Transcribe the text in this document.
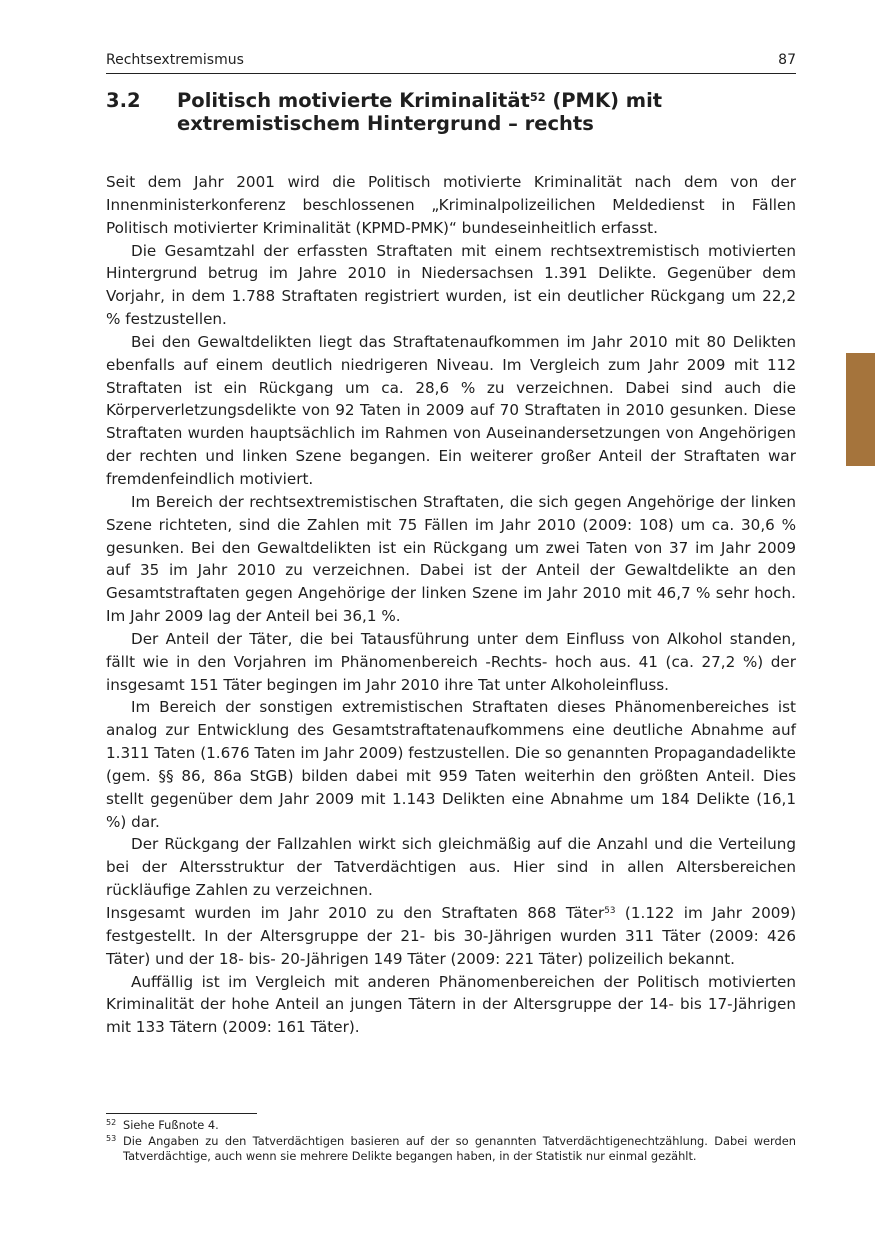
Rechtsextremismus	87
3.2 Politisch motivierte Kriminalität$^{52}$ (PMK) mit
extremistischem Hintergrund – rechts

Seit dem Jahr 2001 wird die Politisch motivierte Kriminalität nach dem von der Innenministerkonferenz beschlossenen „Kriminalpolizeilichen Meldedienst in Fällen Politisch motivierter Kriminalität (KPMD-PMK)“ bundeseinheitlich erfasst.

Die Gesamtzahl der erfassten Straftaten mit einem rechtsextremistisch motivierten Hintergrund betrug im Jahre 2010 in Niedersachsen 1.391 Delikte. Gegenüber dem Vorjahr, in dem 1.788 Straftaten registriert wurden, ist ein deutlicher Rückgang um 22,2 % festzustellen.

Bei den Gewaltdelikten liegt das Straftatenaufkommen im Jahr 2010 mit 80 Delikten ebenfalls auf einem deutlich niedrigeren Niveau. Im Vergleich zum Jahr 2009 mit 112 Straftaten ist ein Rückgang um ca. 28,6 % zu verzeichnen. Dabei sind auch die Körperverletzungsdelikte von 92 Taten in 2009 auf 70 Straftaten in 2010 gesunken. Diese Straftaten wurden hauptsächlich im Rahmen von Auseinandersetzungen von Angehörigen der rechten und linken Szene begangen. Ein weiterer großer Anteil der Straftaten war fremdenfeindlich motiviert.

Im Bereich der rechtsextremistischen Straftaten, die sich gegen Angehörige der linken Szene richteten, sind die Zahlen mit 75 Fällen im Jahr 2010 (2009: 108) um ca. 30,6 % gesunken. Bei den Gewaltdelikten ist ein Rückgang um zwei Taten von 37 im Jahr 2009 auf 35 im Jahr 2010 zu verzeichnen. Dabei ist der Anteil der Gewaltdelikte an den Gesamtstraftaten gegen Angehörige der linken Szene im Jahr 2010 mit 46,7 % sehr hoch. Im Jahr 2009 lag der Anteil bei 36,1 %.

Der Anteil der Täter, die bei Tatausführung unter dem Einfluss von Alkohol standen, fällt wie in den Vorjahren im Phänomenbereich -Rechts- hoch aus. 41 (ca. 27,2 %) der insgesamt 151 Täter begingen im Jahr 2010 ihre Tat unter Alkoholeinfluss.

Im Bereich der sonstigen extremistischen Straftaten dieses Phänomenbereiches ist analog zur Entwicklung des Gesamtstraftatenaufkommens eine deutliche Abnahme auf 1.311 Taten (1.676 Taten im Jahr 2009) festzustellen. Die so genannten Propagandadelikte (gem. §§ 86, 86a StGB) bilden dabei mit 959 Taten weiterhin den größten Anteil. Dies stellt gegenüber dem Jahr 2009 mit 1.143 Delikten eine Abnahme um 184 Delikte (16,1 %) dar.

Der Rückgang der Fallzahlen wirkt sich gleichmäßig auf die Anzahl und die Verteilung bei der Altersstruktur der Tatverdächtigen aus. Hier sind in allen Altersbereichen rückläufige Zahlen zu verzeichnen.

Insgesamt wurden im Jahr 2010 zu den Straftaten 868 Täter$^{53}$ (1.122 im Jahr 2009) festgestellt. In der Altersgruppe der 21- bis 30-Jährigen wurden 311 Täter (2009: 426 Täter) und der 18- bis- 20-Jährigen 149 Täter (2009: 221 Täter) polizeilich bekannt.

Auffällig ist im Vergleich mit anderen Phänomenbereichen der Politisch motivierten Kriminalität der hohe Anteil an jungen Tätern in der Altersgruppe der 14- bis 17-Jährigen mit 133 Tätern (2009: 161 Täter).

52 Siehe Fußnote 4.

53 Die Angaben zu den Tatverdächtigen basieren auf der so genannten Tatverdächtigenechtzählung. Dabei werden Tatverdächtige, auch wenn sie mehrere Delikte begangen haben, in der Statistik nur einmal gezählt.
